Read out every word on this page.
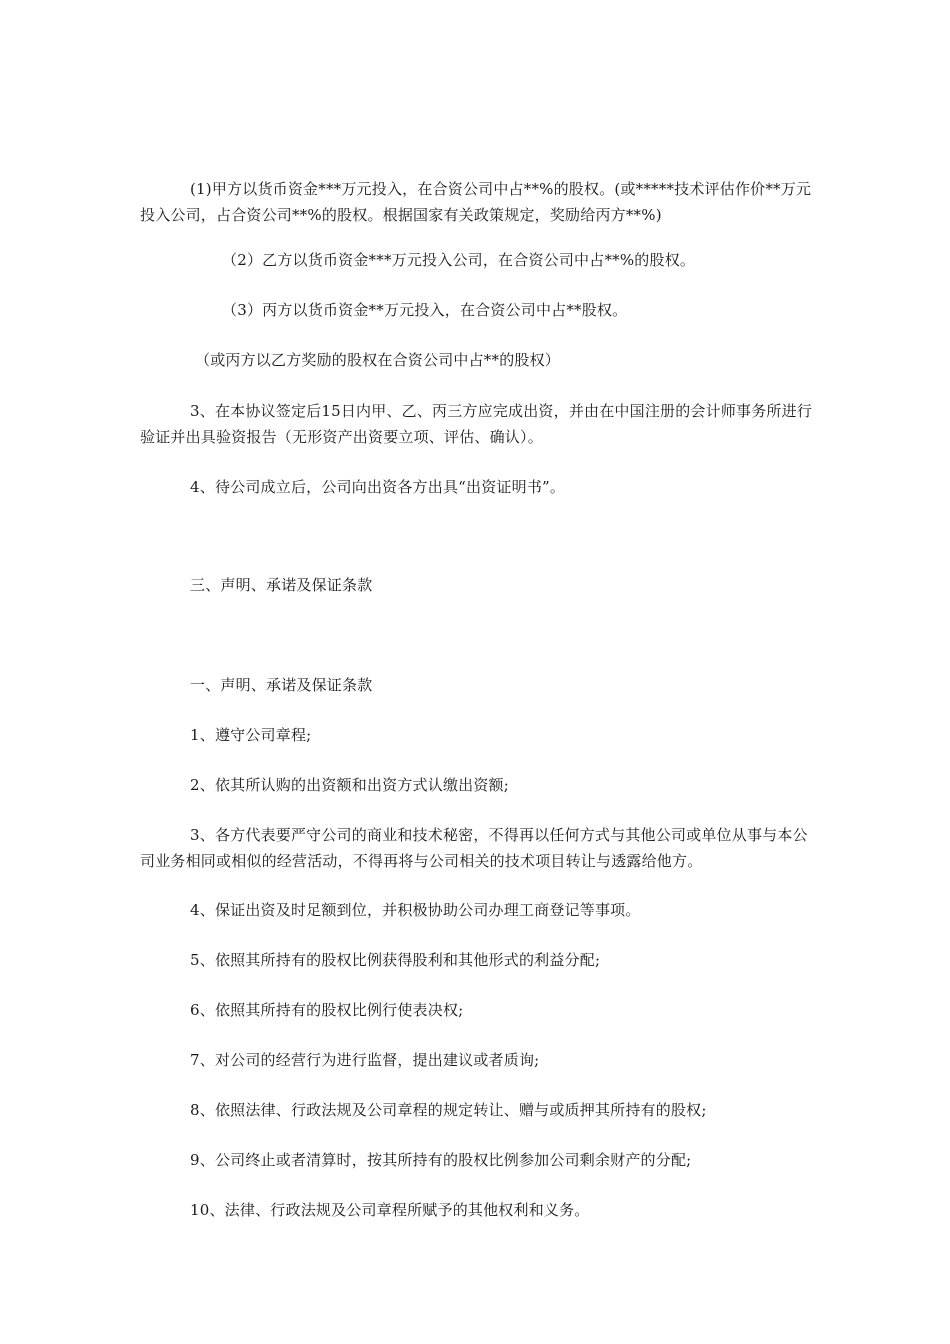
(1)甲方以货币资金***万元投入，在合资公司中占**%的股权。(或*****技术评估作价**万元投入公司，占合资公司**%的股权。根据国家有关政策规定，奖励给丙方**%)
（2）乙方以货币资金***万元投入公司，在合资公司中占**%的股权。
（3）丙方以货币资金**万元投入，在合资公司中占**股权。
（或丙方以乙方奖励的股权在合资公司中占**的股权）
3、在本协议签定后15日内甲、乙、丙三方应完成出资，并由在中国注册的会计师事务所进行验证并出具验资报告（无形资产出资要立项、评估、确认）。
4、待公司成立后，公司向出资各方出具“出资证明书”。
三、声明、承诺及保证条款
一、声明、承诺及保证条款
1、遵守公司章程;
2、依其所认购的出资额和出资方式认缴出资额;
3、各方代表要严守公司的商业和技术秘密，不得再以任何方式与其他公司或单位从事与本公司业务相同或相似的经营活动，不得再将与公司相关的技术项目转让与透露给他方。
4、保证出资及时足额到位，并积极协助公司办理工商登记等事项。
5、依照其所持有的股权比例获得股利和其他形式的利益分配;
6、依照其所持有的股权比例行使表决权;
7、对公司的经营行为进行监督，提出建议或者质询;
8、依照法律、行政法规及公司章程的规定转让、赠与或质押其所持有的股权;
9、公司终止或者清算时，按其所持有的股权比例参加公司剩余财产的分配;
10、法律、行政法规及公司章程所赋予的其他权利和义务。
